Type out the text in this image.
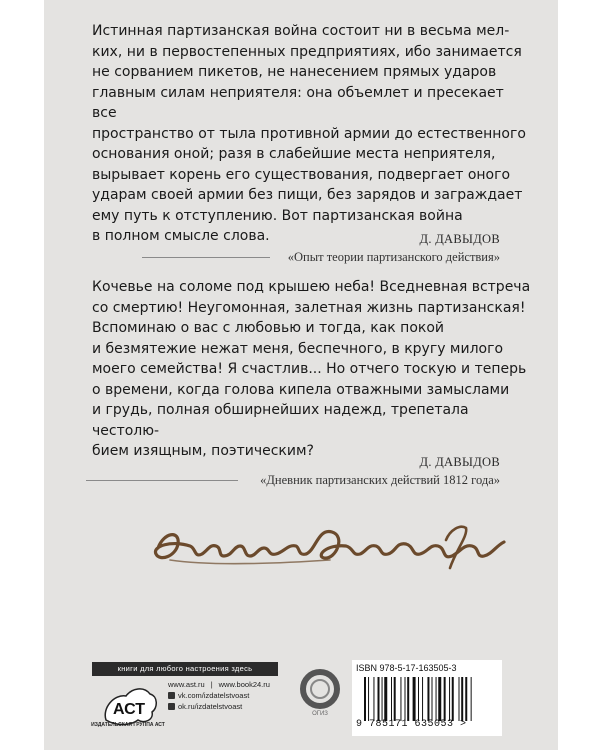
Истинная партизанская война состоит ни в весьма мел-
ких, ни в первостепенных предприятиях, ибо занимается
не сорванием пикетов, не нанесением прямых ударов
главным силам неприятеля: она объемлет и пресекает все
пространство от тыла противной армии до естественного
основания оной; разя в слабейшие места неприятеля,
вырывает корень его существования, подвергает оного
ударам своей армии без пищи, без зарядов и заграждает
ему путь к отступлению. Вот партизанская война
в полном смысле слова.	Д. ДАВЫДОВ
«Опыт теории партизанского действия»

Кочевье на соломе под крышею неба! Вседневная встреча
со смертию! Неугомонная, залетная жизнь партизанская!
Вспоминаю о вас с любовью и тогда, как покой
и безмятежие нежат меня, беспечного, в кругу милого
моего семейства! Я счастлив... Но отчего тоскую и теперь
о времени, когда голова кипела отважными замыслами
и грудь, полная обширнейших надежд, трепетала честолю-
бием изящным, поэтическим?

Д. ДАВЫДОВ
«Дневник партизанских действий 1812 года»
книги для любого настроения здесь
АСТ
ИЗДАТЕЛЬСКАЯ ГРУППА АСТ
www.ast.ru | www.book24.ru
vk.com/izdatelstvoast
ok.ru/izdatelstvoast
ОГИЗ
ISBN 978-5-17-163505-3
9 785171 635053 >
